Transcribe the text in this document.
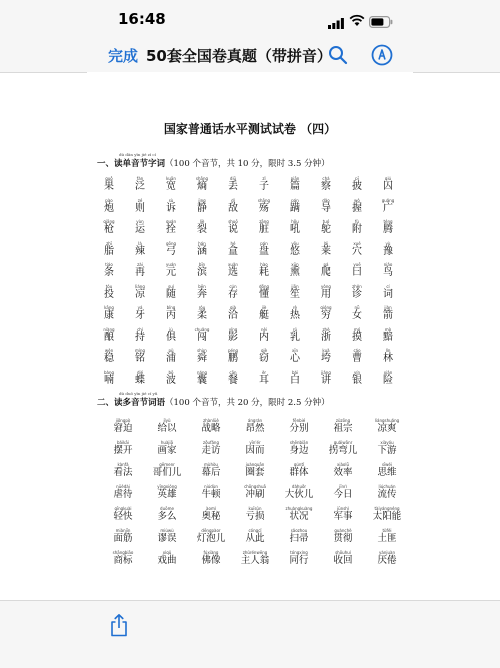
16:48
完成 50套全国卷真题（带拼音）
国家普通话水平测试试卷 （四）
dú dān yīn jié zì cí
一、读单音节字词（100 个音节，共 10 分，限时 3.5 分钟）
guǒ
果
fàn
泛
kuān
宽
shāng
熵
diū
丢
zǐ
子
piān
篇
chá
察
pī
披
qiú
囚
pào
炮
zé
则
sù
诉
jìng
静
dí
敌
shāng
殇
pán
蹒
dǎo
导
wò
握
guǎng
广
qiāng
枪
yùn
运
quán
拴
liè
裂
shuō
说
zāng
脏
hǒu
吼
tuó
鸵
fù
附
téng
腾
zhī
脂
là
辣
gōng
弓
hán
涵
hé
盒
pán
盘
yōu
悠
lái
莱
xué
穴
yù
豫
tiáo
条
zài
再
yuán
元
bīn
滨
xuǎn
选
hào
耗
xūn
熏
pá
爬
yuē
曰
niǎo
鸟
tóu
投
liáng
凉
suí
随
bēn
奔
cún
存
dǒng
懂
jiān
笙
yòng
用
zhěn
诊
cí
词
kāng
康
yá
牙
bǐng
丙
róu
柔
qià
洽
jiè
艇
rè
热
qióng
穷
nǚ
女
jiàn
箭
niàng
酿
chí
持
jù
俱
chuǎng
闯
yǐng
影
nèi
内
rǔ
乳
zhè
浙
mó
摸
mò
黯
wěn
稳
míng
铭
pǔ
浦
shùn
舜
péng
鹏
qiè
窃
xīn
心
kuǎ
垮
cáo
曹
lín
林
bàng
喃
dié
蝶
bō
波
náng
囊
cān
餐
ěr
耳
bái
白
jiǎng
讲
yín
银
xiǎn
险
dú duō yīn jié cí yǔ
二、读多音节词语（100 个音节，共 20 分，限时 2.5 分钟）
jiǒngpò
窘迫
jǐyǔ
给以
zhànlüè
战略
ángrán
昂然
fēnbié
分别
zǔzōng
祖宗
liángshuǎng
凉爽
bǎikāi
摆开
huàjiā
画家
zǒufǎng
走访
yīn'ér
因而
shēnbiān
身边
guǎiwānr
拐弯儿
xiàyóu
下游
kànfǎ
看法
gēmenr
哥们儿
mùhòu
幕后
juànquān
圈套
qúntǐ
群体
xiàolǜ
效率
sīwéi
思维
nüèdài
虐待
yīngxióng
英雄
niúdùn
牛顿
chōngshuā
冲刷
dàhuǒr
大伙儿
jīnrì
今日
liúchuán
流传
qīngkuài
轻快
duōme
多么
àomì
奥秘
kuīsǔn
亏损
zhuàngkuàng
状况
jūnshì
军事
tàiyángnéng
太阳能
miànjīn
面筋
miùwù
谬误
dēngpàor
灯泡儿
cóngcǐ
从此
sǎozhou
扫帚
guànchè
贯彻
tǔfěi
土匪
shāngbiāo
商标
xìqǔ
戏曲
fúxiàng
佛像
zhǔrénwēng
主人翁
tóngxíng
同行
shōuhuí
收回
yànjuàn
厌倦
